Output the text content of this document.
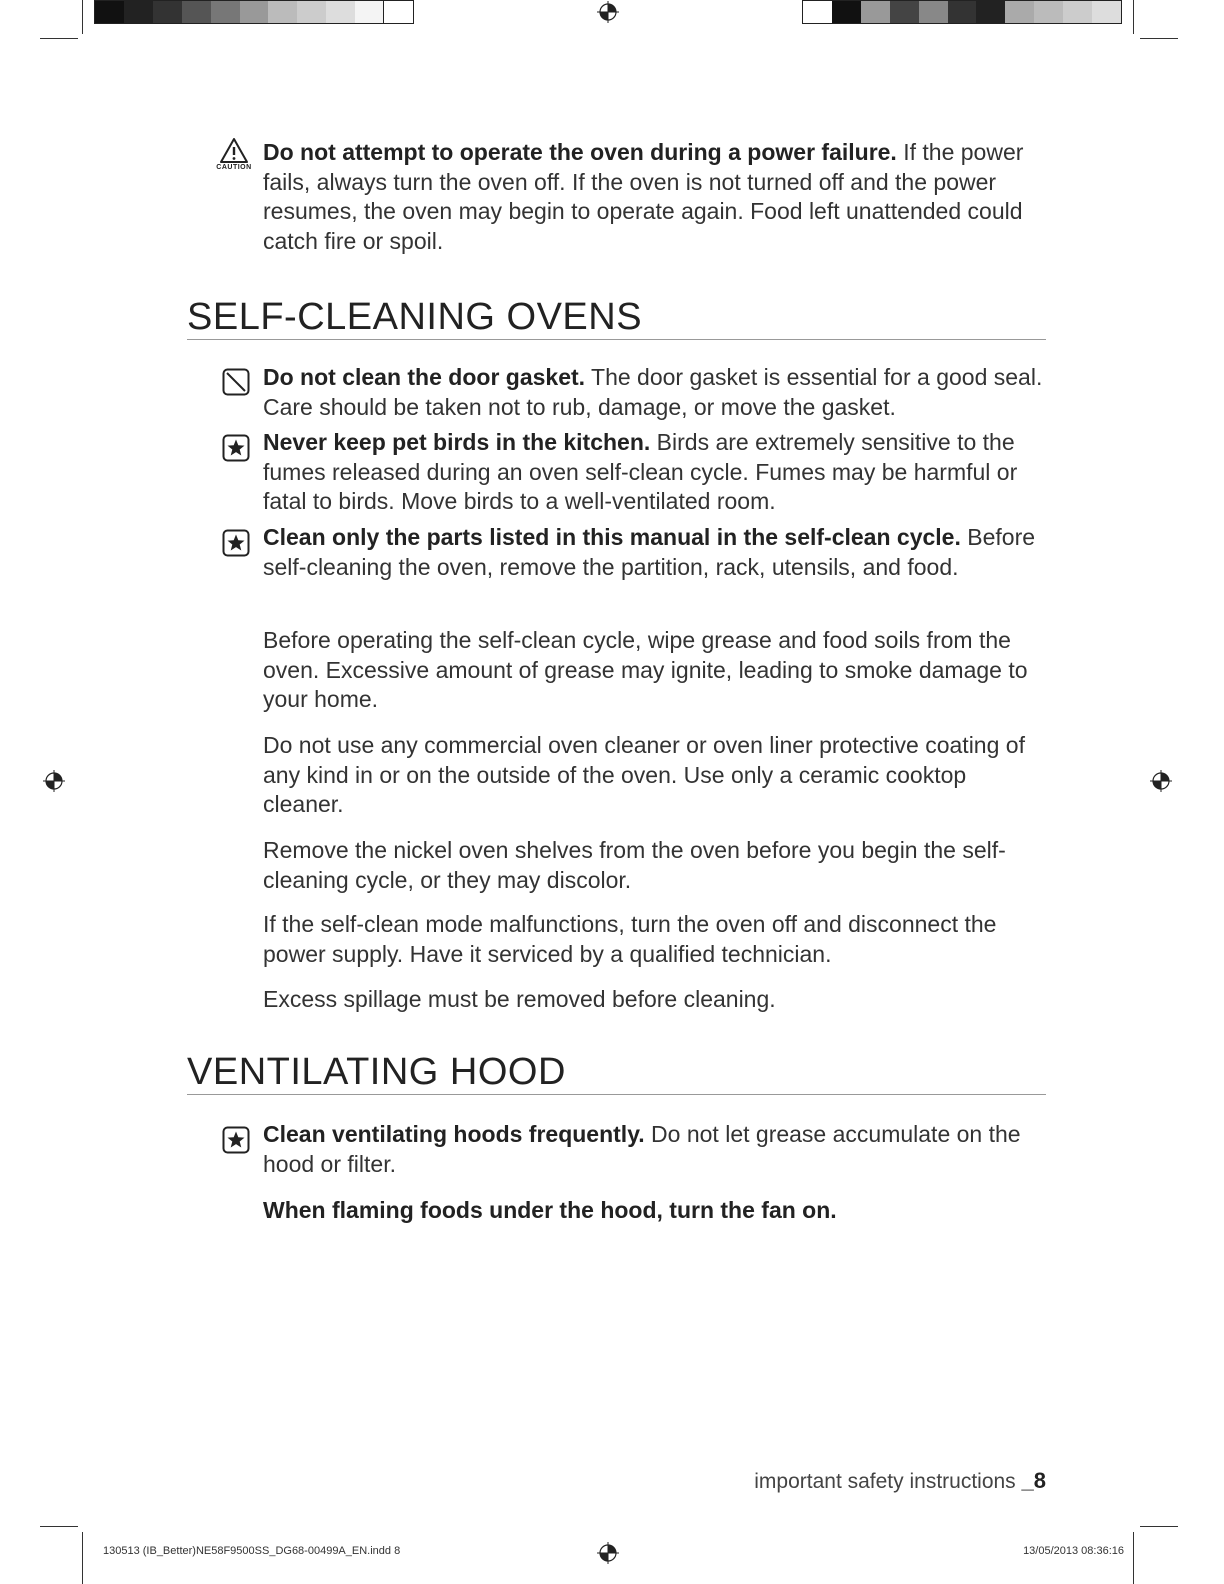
CAUTION
Do not attempt to operate the oven during a power failure. If the power fails, always turn the oven off. If the oven is not turned off and the power resumes, the oven may begin to operate again. Food left unattended could catch fire or spoil.
SELF-CLEANING OVENS
Do not clean the door gasket. The door gasket is essential for a good seal. Care should be taken not to rub, damage, or move the gasket.
Never keep pet birds in the kitchen. Birds are extremely sensitive to the fumes released during an oven self-clean cycle. Fumes may be harmful or fatal to birds. Move birds to a well-ventilated room.
Clean only the parts listed in this manual in the self-clean cycle. Before self-cleaning the oven, remove the partition, rack, utensils, and food.
Before operating the self-clean cycle, wipe grease and food soils from the oven. Excessive amount of grease may ignite, leading to smoke damage to your home.
Do not use any commercial oven cleaner or oven liner protective coating of any kind in or on the outside of the oven. Use only a ceramic cooktop cleaner.
Remove the nickel oven shelves from the oven before you begin the self-cleaning cycle, or they may discolor.
If the self-clean mode malfunctions, turn the oven off and disconnect the power supply. Have it serviced by a qualified technician.
Excess spillage must be removed before cleaning.
VENTILATING HOOD
Clean ventilating hoods frequently. Do not let grease accumulate on the hood or filter.
When flaming foods under the hood, turn the fan on.
important safety instructions _8
130513 (IB_Better)NE58F9500SS_DG68-00499A_EN.indd 8	13/05/2013 08:36:16
